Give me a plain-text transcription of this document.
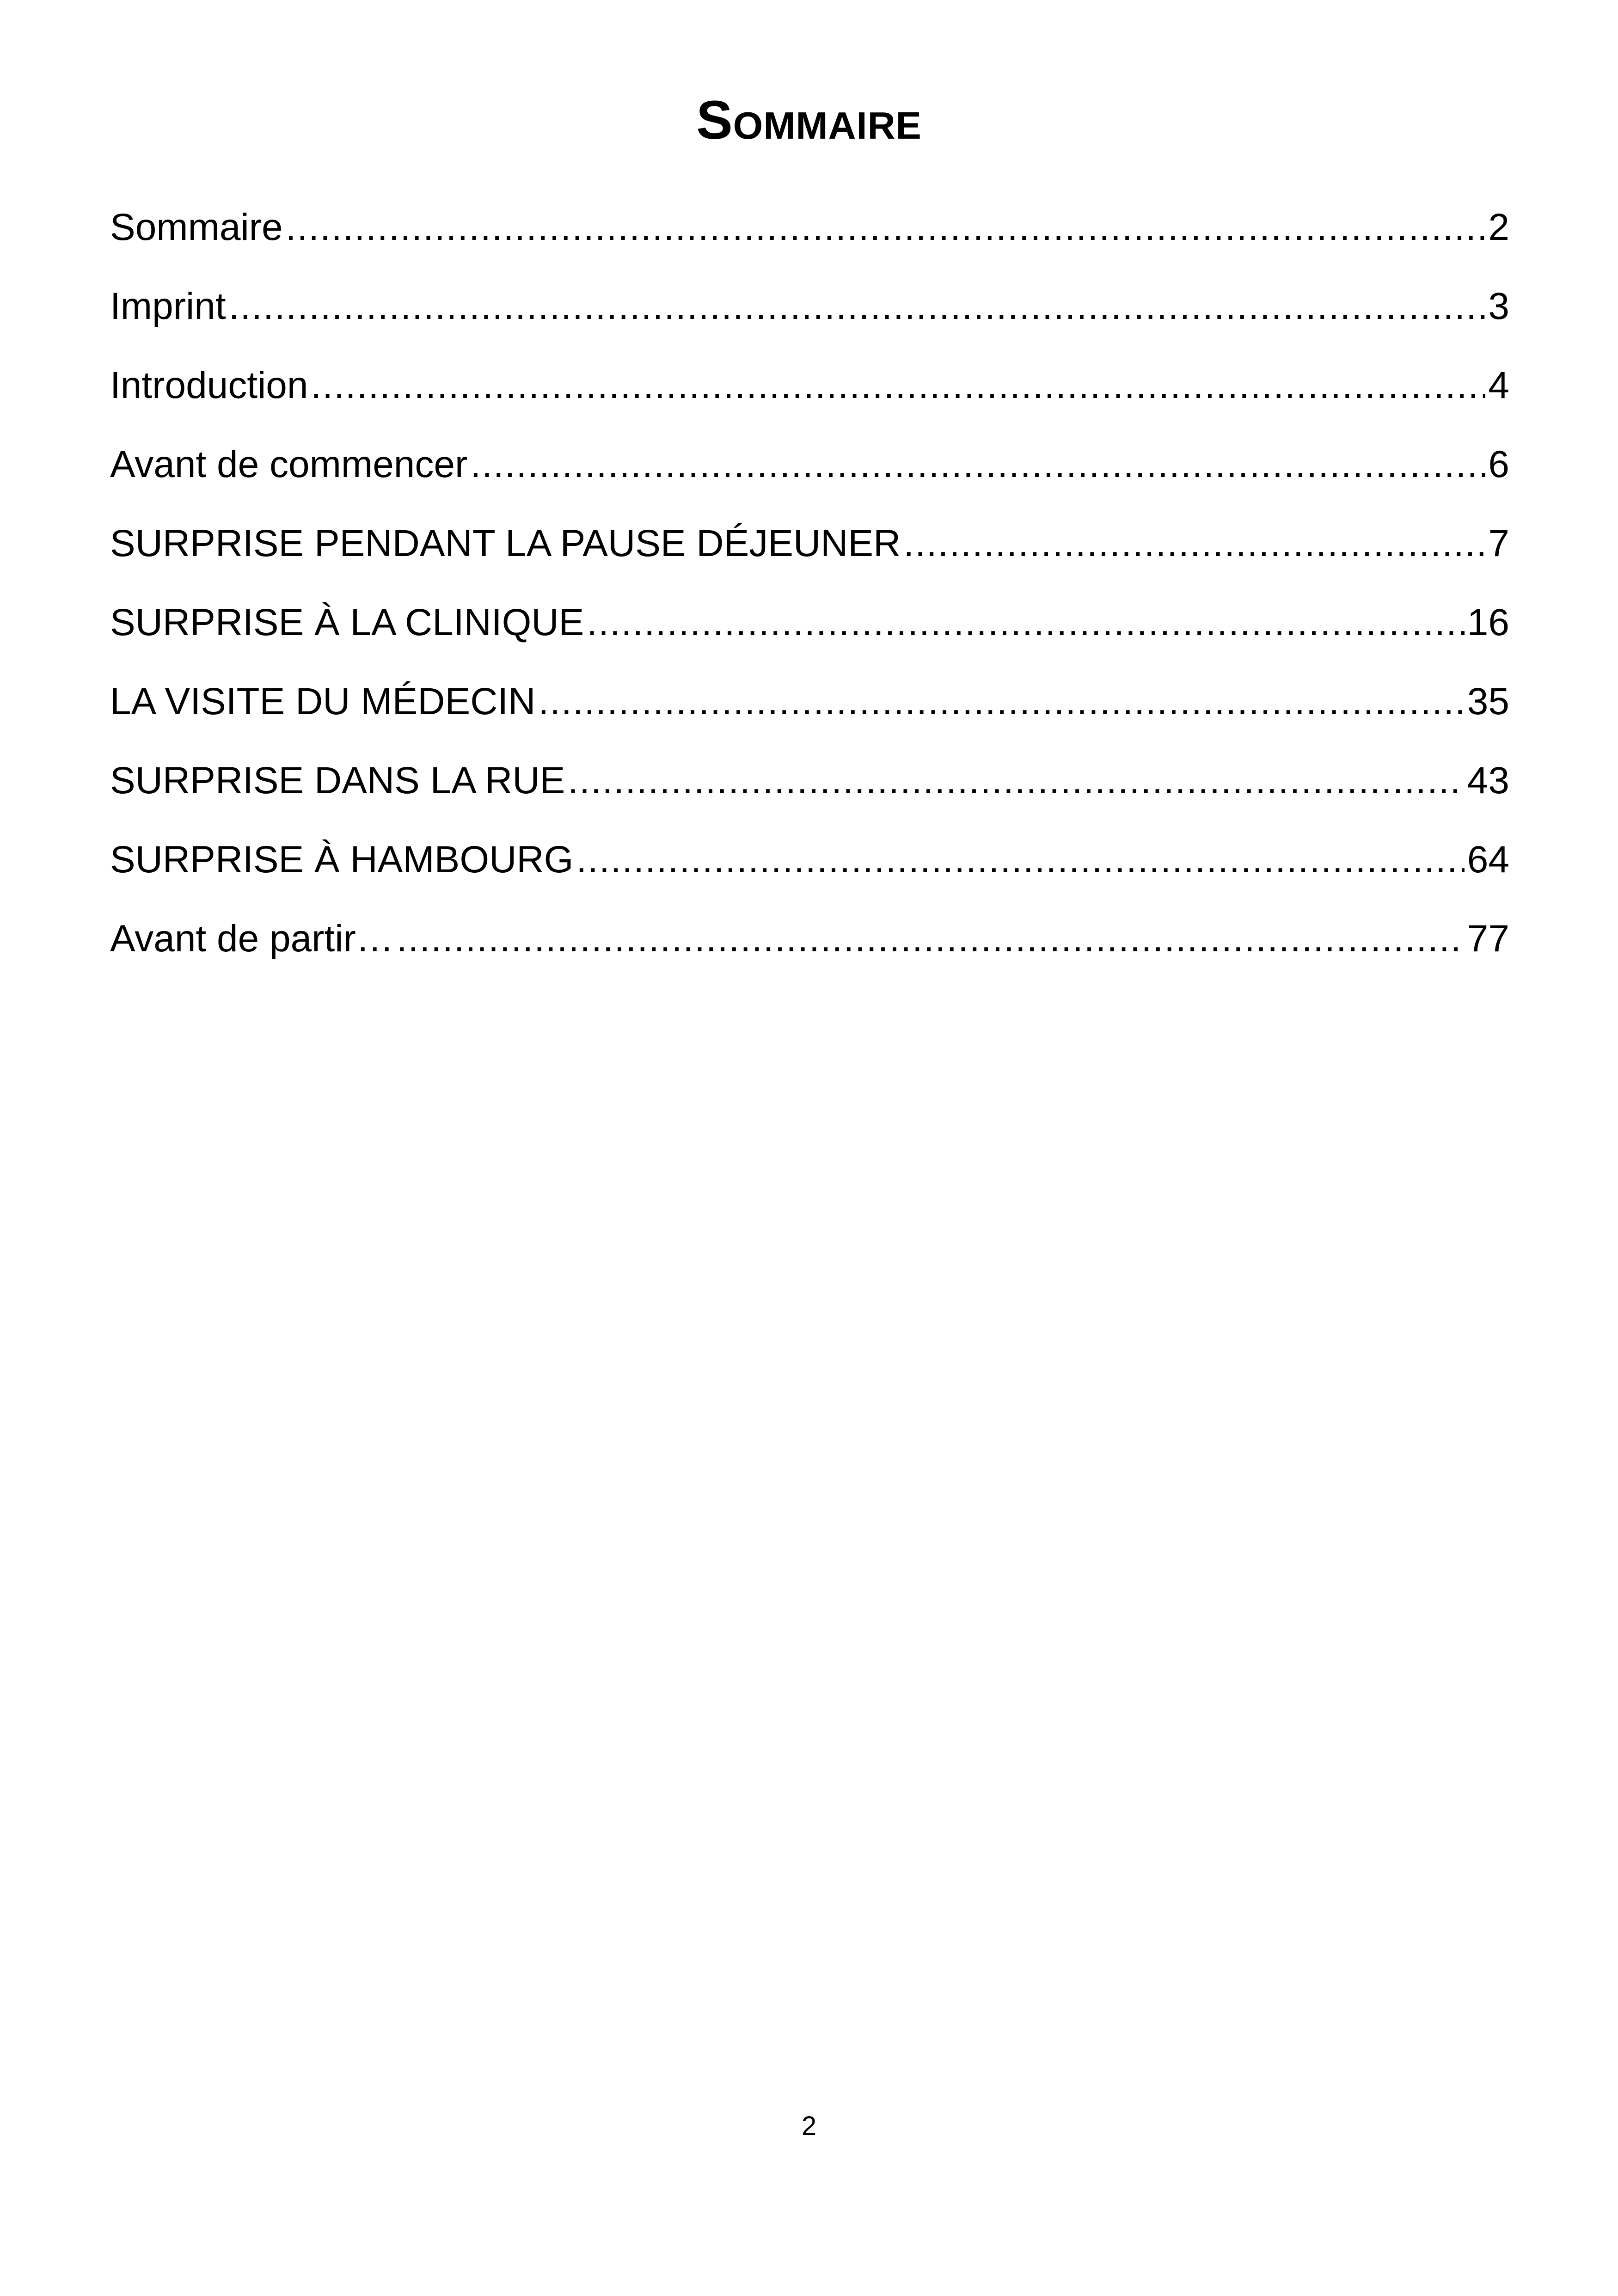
Sommaire
Sommaire .....	2
Imprint .....	3
Introduction .....	4
Avant de commencer .....	6
SURPRISE PENDANT LA PAUSE DÉJEUNER .....	7
SURPRISE À LA CLINIQUE .....	16
LA VISITE DU MÉDECIN .....	35
SURPRISE DANS LA RUE .....	43
SURPRISE À HAMBOURG .....	64
Avant de partir… .....	77

2
